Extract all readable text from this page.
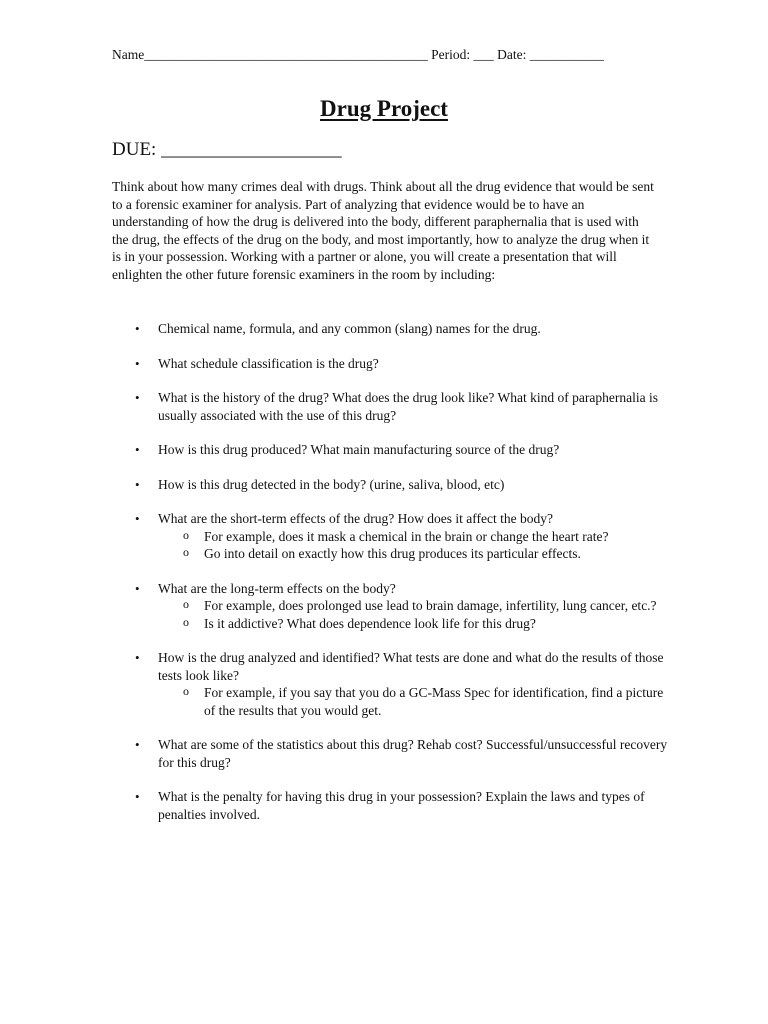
Name__________________________________________ Period: ___ Date: ___________
Drug Project
DUE: ___________________

Think about how many crimes deal with drugs. Think about all the drug evidence that would be sent to a forensic examiner for analysis. Part of analyzing that evidence would be to have an understanding of how the drug is delivered into the body, different paraphernalia that is used with the drug, the effects of the drug on the body, and most importantly, how to analyze the drug when it is in your possession. Working with a partner or alone, you will create a presentation that will enlighten the other future forensic examiners in the room by including:

• Chemical name, formula, and any common (slang) names for the drug.
• What schedule classification is the drug?
• What is the history of the drug? What does the drug look like? What kind of paraphernalia is usually associated with the use of this drug?
• How is this drug produced? What main manufacturing source of the drug?
• How is this drug detected in the body? (urine, saliva, blood, etc)
• What are the short-term effects of the drug? How does it affect the body?
o For example, does it mask a chemical in the brain or change the heart rate?
o Go into detail on exactly how this drug produces its particular effects.
• What are the long-term effects on the body?
o For example, does prolonged use lead to brain damage, infertility, lung cancer, etc.?
o Is it addictive? What does dependence look life for this drug?
• How is the drug analyzed and identified? What tests are done and what do the results of those tests look like?
o For example, if you say that you do a GC-Mass Spec for identification, find a picture of the results that you would get.
• What are some of the statistics about this drug? Rehab cost? Successful/unsuccessful recovery for this drug?
• What is the penalty for having this drug in your possession? Explain the laws and types of penalties involved.
